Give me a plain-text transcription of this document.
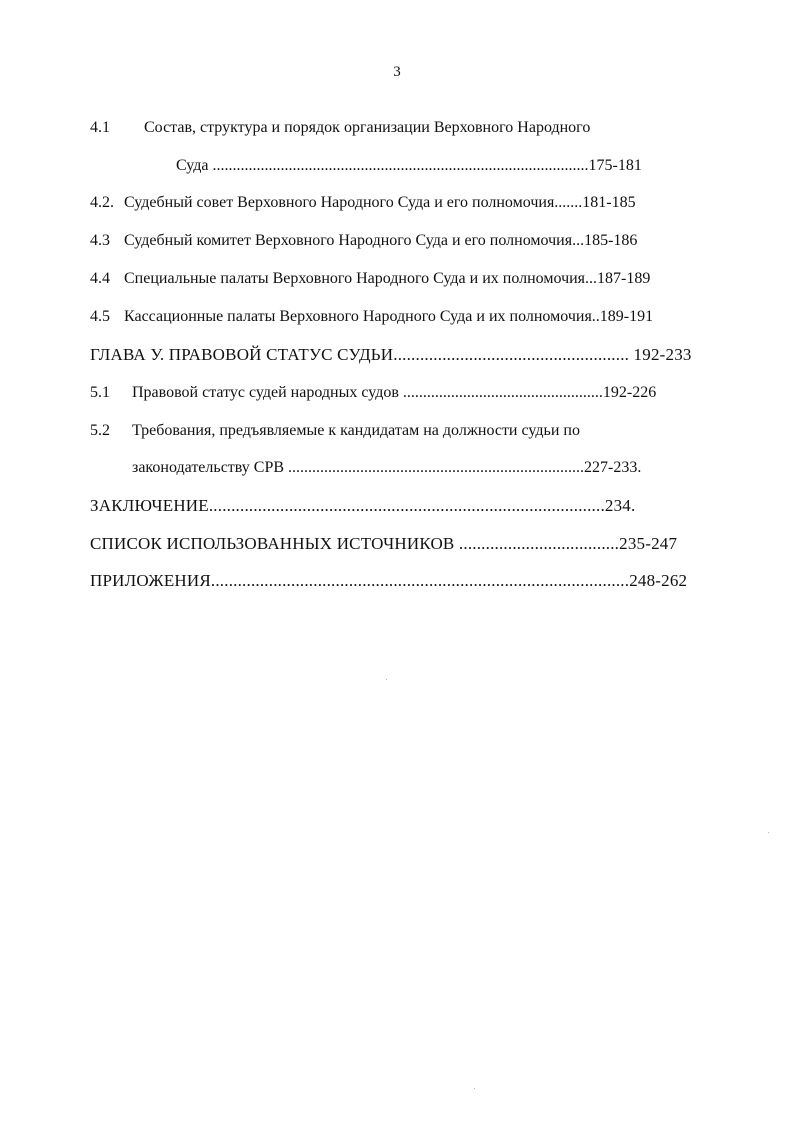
3
4.1 Состав, структура и порядок организации Верховного Народного
Суда ..............................................................................................175-181
4.2. Судебный совет Верховного Народного Суда и его полномочия.......181-185
4.3 Судебный комитет Верховного Народного Суда и его полномочия...185-186
4.4 Специальные палаты Верховного Народного Суда и их полномочия...187-189
4.5 Кассационные палаты Верховного Народного Суда и их полномочия..189-191
ГЛАВА У. ПРАВОВОЙ СТАТУС СУДЬИ..................................................... 192-233
5.1 Правовой статус судей народных судов ..................................................192-226
5.2 Требования, предъявляемые к кандидатам на должности судьи по
законодательству СРВ ..........................................................................227-233.
ЗАКЛЮЧЕНИЕ.........................................................................................234.
СПИСОК ИСПОЛЬЗОВАННЫХ ИСТОЧНИКОВ ....................................235-247
ПРИЛОЖЕНИЯ..............................................................................................248-262
